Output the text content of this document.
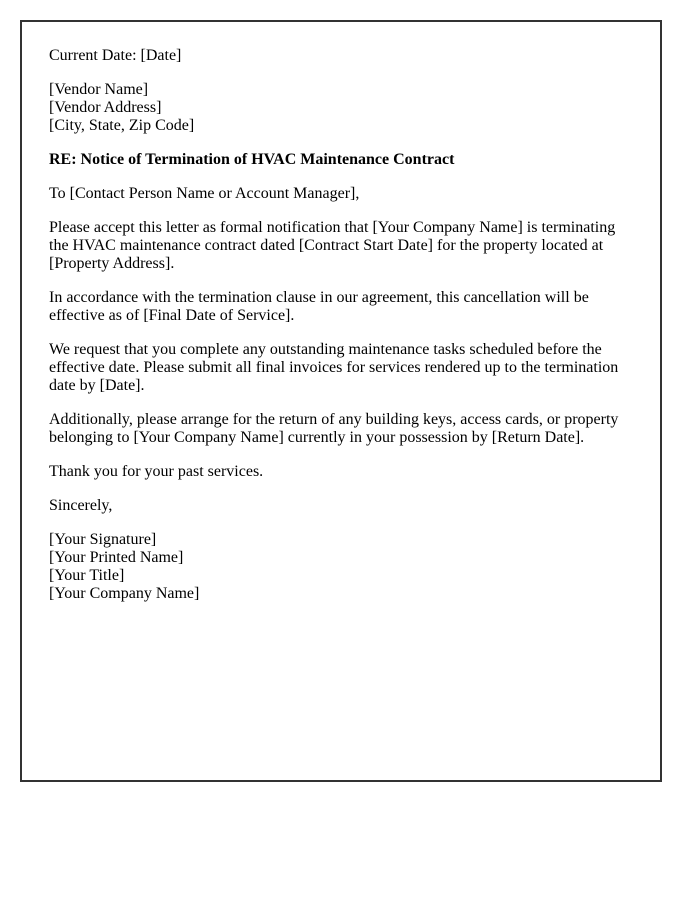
Current Date: [Date]

[Vendor Name]
[Vendor Address]
[City, State, Zip Code]

RE: Notice of Termination of HVAC Maintenance Contract

To [Contact Person Name or Account Manager],

Please accept this letter as formal notification that [Your Company Name] is terminating the HVAC maintenance contract dated [Contract Start Date] for the property located at [Property Address].

In accordance with the termination clause in our agreement, this cancellation will be effective as of [Final Date of Service].

We request that you complete any outstanding maintenance tasks scheduled before the effective date. Please submit all final invoices for services rendered up to the termination date by [Date].

Additionally, please arrange for the return of any building keys, access cards, or property belonging to [Your Company Name] currently in your possession by [Return Date].

Thank you for your past services.

Sincerely,

[Your Signature]
[Your Printed Name]
[Your Title]
[Your Company Name]
